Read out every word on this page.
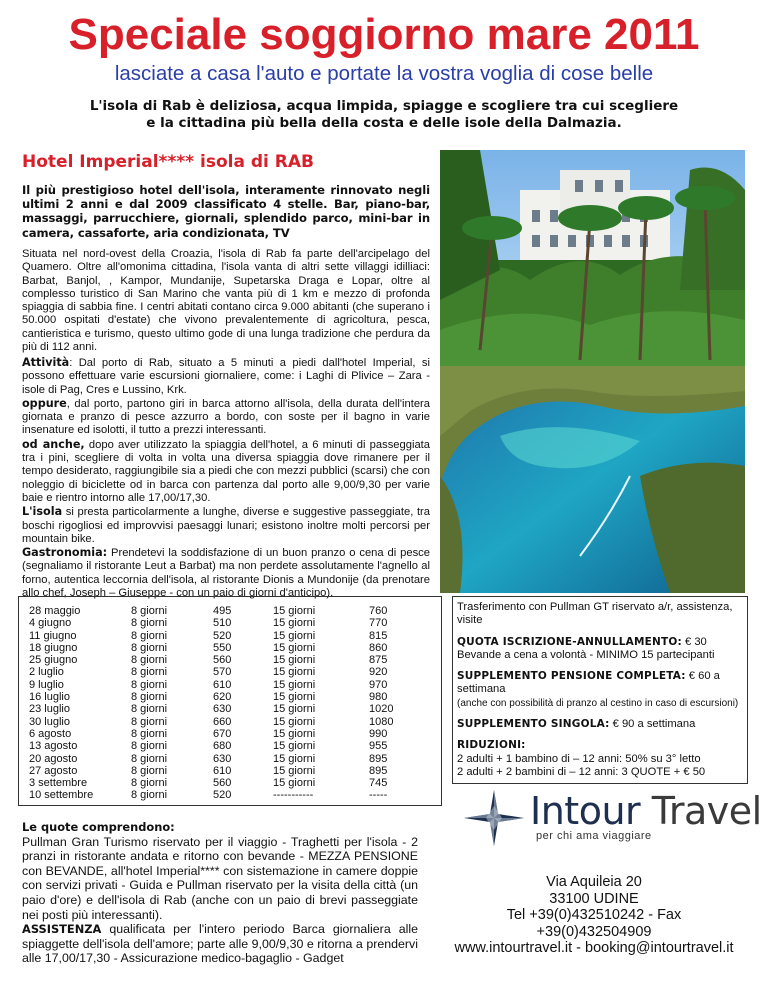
Speciale soggiorno mare 2011
lasciate a casa l'auto e portate la vostra voglia di cose belle
L'isola di Rab è deliziosa, acqua limpida, spiagge e scogliere tra cui scegliere
e la cittadina più bella della costa e delle isole della Dalmazia.
Hotel Imperial**** isola di RAB
Il più prestigioso hotel dell'isola, interamente rinnovato negli ultimi 2 anni e dal 2009 classificato 4 stelle. Bar, piano-bar, massaggi, parrucchiere, giornali, splendido parco, mini-bar in camera, cassaforte, aria condizionata, TV
Situata nel nord-ovest della Croazia, l'isola di Rab fa parte dell'arcipelago del Quamero. Oltre all'omonima cittadina, l'isola vanta di altri sette villaggi idilliaci: Barbat, Banjol, , Kampor, Mundanije, Supetarska Draga e Lopar, oltre al complesso turistico di San Marino che vanta più di 1 km e mezzo di profonda spiaggia di sabbia fine. I centri abitati contano circa 9.000 abitanti (che superano i 50.000 ospitati d'estate) che vivono prevalentemente di agricoltura, pesca, cantieristica e turismo, questo ultimo gode di una lunga tradizione che perdura da più di 112 anni.

Attività: Dal porto di Rab, situato a 5 minuti a piedi dall'hotel Imperial, si possono effettuare varie escursioni giornaliere, come: i Laghi di Plivice – Zara - isole di Pag, Cres e Lussino, Krk.

oppure, dal porto, partono giri in barca attorno all'isola, della durata dell'intera giornata e pranzo di pesce azzurro a bordo, con soste per il bagno in varie insenature ed isolotti, il tutto a prezzi interessanti.

od anche, dopo aver utilizzato la spiaggia dell'hotel, a 6 minuti di passeggiata tra i pini, scegliere di volta in volta una diversa spiaggia dove rimanere per il tempo desiderato, raggiungibile sia a piedi che con mezzi pubblici (scarsi) che con noleggio di biciclette od in barca con partenza dal porto alle 9,00/9,30 per varie baie e rientro intorno alle 17,00/17,30.

L'isola si presta particolarmente a lunghe, diverse e suggestive passeggiate, tra boschi rigogliosi ed improvvisi paesaggi lunari; esistono inoltre molti percorsi per mountain bike.

Gastronomia: Prendetevi la soddisfazione di un buon pranzo o cena di pesce (segnaliamo il ristorante Leut a Barbat) ma non perdete assolutamente l'agnello al forno, autentica leccornia dell'isola, al ristorante Dionis a Mundonije (da prenotare allo chef, Joseph – Giuseppe - con un paio di giorni d'anticipo).

28 maggio
4 giugno
11 giugno
18 giugno
25 giugno
2 luglio
9 luglio
16 luglio
23 luglio
30 luglio
6 agosto
13 agosto
20 agosto
27 agosto
3 settembre
10 settembre
8 giorni
8 giorni
8 giorni
8 giorni
8 giorni
8 giorni
8 giorni
8 giorni
8 giorni
8 giorni
8 giorni
8 giorni
8 giorni
8 giorni
8 giorni
8 giorni
495
510
520
550
560
570
610
620
630
660
670
680
630
610
560
520
15 giorni
15 giorni
15 giorni
15 giorni
15 giorni
15 giorni
15 giorni
15 giorni
15 giorni
15 giorni
15 giorni
15 giorni
15 giorni
15 giorni
15 giorni
-----------
760
770
815
860
875
920
970
980
1020
1080
990
955
895
895
745
-----
Trasferimento con Pullman GT riservato a/r, assistenza, visite
QUOTA ISCRIZIONE-ANNULLAMENTO: € 30
Bevande a cena a volontà - MINIMO 15 partecipanti
SUPPLEMENTO PENSIONE COMPLETA: € 60 a settimana
(anche con possibilità di pranzo al cestino in caso di escursioni)
SUPPLEMENTO SINGOLA: € 90 a settimana
RIDUZIONI:
2 adulti + 1 bambino di – 12 anni: 50% su 3° letto
2 adulti + 2 bambini di – 12 anni: 3 QUOTE + € 50
Le quote comprendono:
Pullman Gran Turismo riservato per il viaggio - Traghetti per l'isola - 2 pranzi in ristorante andata e ritorno con bevande - MEZZA PENSIONE con BEVANDE, all'hotel Imperial**** con sistemazione in camere doppie con servizi privati - Guida e Pullman riservato per la visita della città (un paio d'ore) e dell'isola di Rab (anche con un paio di brevi passeggiate nei posti più interessanti).
ASSISTENZA qualificata per l'intero periodo Barca giornaliera alle spiaggette dell'isola dell'amore; parte alle 9,00/9,30 e ritorna a prendervi alle 17,00/17,30 - Assicurazione medico-bagaglio - Gadget
Intour Travel
per chi ama viaggiare
Via Aquileia 20
33100 UDINE
Tel +39(0)432510242 - Fax
+39(0)432504909
www.intourtravel.it - booking@intourtravel.it
